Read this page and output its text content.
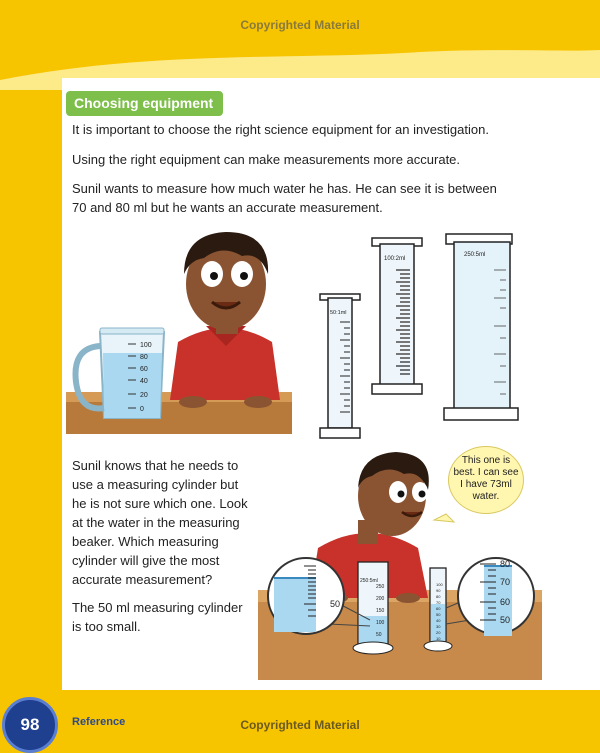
Copyrighted Material
Choosing equipment
It is important to choose the right science equipment for an investigation.
Using the right equipment can make measurements more accurate.
Sunil wants to measure how much water he has. He can see it is between
70 and 80 ml but he wants an accurate measurement.
100
80
60
40
20
0
50:1ml
100:2ml
250:5ml
Sunil knows that he needs to
use a measuring cylinder but
he is not sure which one. Look
at the water in the measuring
beaker. Which measuring
cylinder will give the most
accurate measurement?
The 50 ml measuring cylinder
is too small.
250:5ml
250
200
150
100
50
100
90
80
70
60
50
40
30
20
10
50
80
70
60
50
This one is
best. I can see
I have 73ml
water.
98	Reference	Copyrighted Material
